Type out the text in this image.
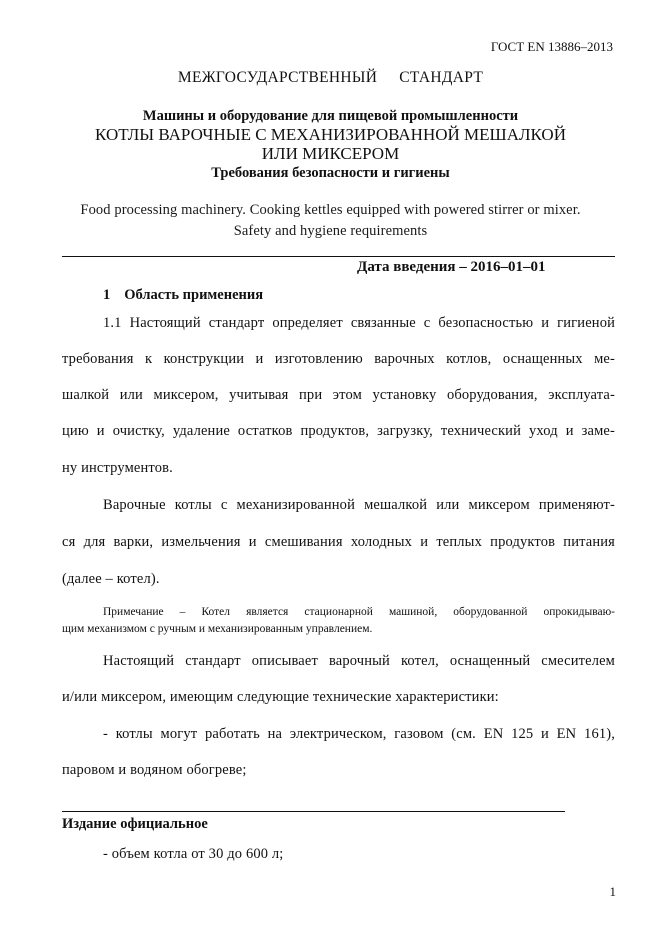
ГОСТ EN 13886–2013
МЕЖГОСУДАРСТВЕННЫЙ СТАНДАРТ
Машины и оборудование для пищевой промышленности
КОТЛЫ ВАРОЧНЫЕ С МЕХАНИЗИРОВАННОЙ МЕШАЛКОЙ
ИЛИ МИКСЕРОМ
Требования безопасности и гигиены
Food processing machinery. Cooking kettles equipped with powered stirrer or mixer.
Safety and hygiene requirements
Дата введения – 2016–01–01
1 Область применения
1.1 Настоящий стандарт определяет связанные с безопасностью и гигиеной
требования к конструкции и изготовлению варочных котлов, оснащенных ме-
шалкой или миксером, учитывая при этом установку оборудования, эксплуата-
цию и очистку, удаление остатков продуктов, загрузку, технический уход и заме-
ну инструментов.
Варочные котлы с механизированной мешалкой или миксером применяют-
ся для варки, измельчения и смешивания холодных и теплых продуктов питания
(далее – котел).
Примечание – Котел является стационарной машиной, оборудованной опрокидываю-
щим механизмом с ручным и механизированным управлением.
Настоящий стандарт описывает варочный котел, оснащенный смесителем
и/или миксером, имеющим следующие технические характеристики:
- котлы могут работать на электрическом, газовом (см. EN 125 и EN 161),
паровом и водяном обогреве;
Издание официальное
- объем котла от 30 до 600 л;
1
